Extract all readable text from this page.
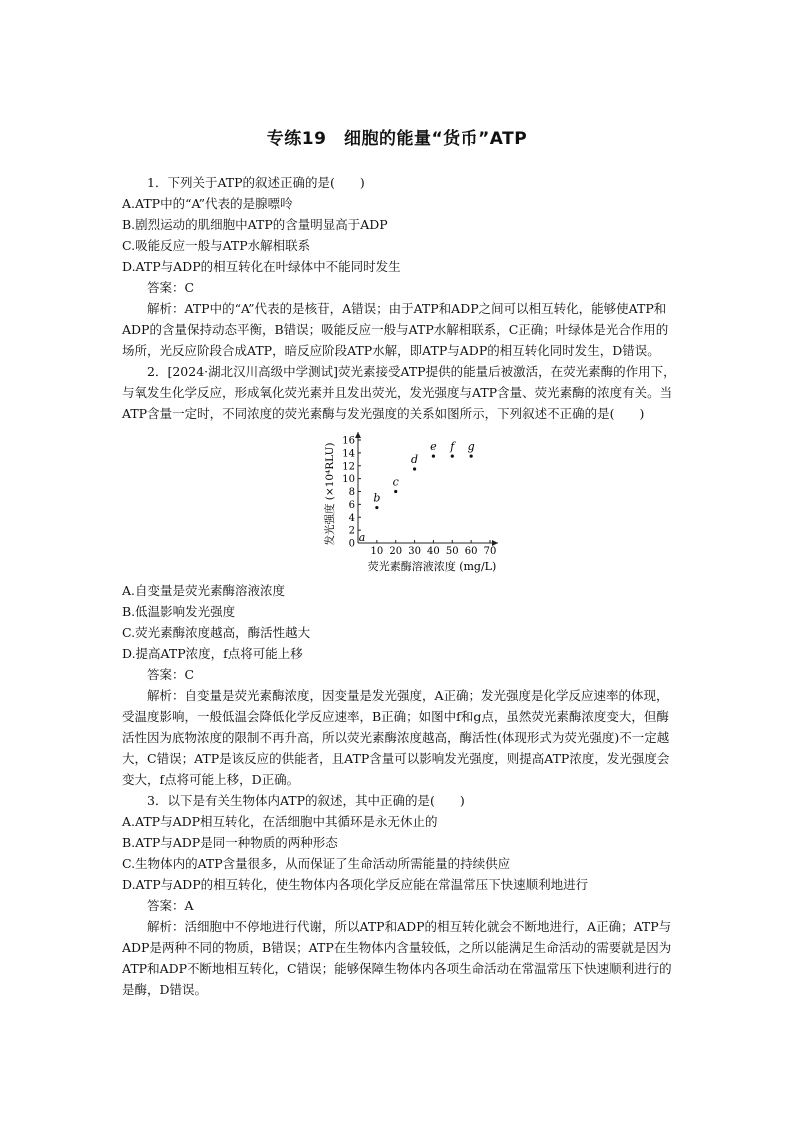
专练19　细胞的能量“货币”ATP

1．下列关于ATP的叙述正确的是(　　)

A.ATP中的“A”代表的是腺嘌呤

B.剧烈运动的肌细胞中ATP的含量明显高于ADP

C.吸能反应一般与ATP水解相联系

D.ATP与ADP的相互转化在叶绿体中不能同时发生

答案：C

解析：ATP中的“A”代表的是核苷，A错误；由于ATP和ADP之间可以相互转化，能够使ATP和ADP的含量保持动态平衡，B错误；吸能反应一般与ATP水解相联系，C正确；叶绿体是光合作用的场所，光反应阶段合成ATP，暗反应阶段ATP水解，即ATP与ADP的相互转化同时发生，D错误。

2．[2024·湖北汉川高级中学测试]荧光素接受ATP提供的能量后被激活，在荧光素酶的作用下，与氧发生化学反应，形成氧化荧光素并且发出荧光，发光强度与ATP含量、荧光素酶的浓度有关。当ATP含量一定时，不同浓度的荧光素酶与发光强度的关系如图所示，下列叙述不正确的是(　　)

10 20 30 40 50 60 70
0
2
4
6
8
10
12
14
16
a
b
c
d
e f g
发光强度 (×10⁴RLU)
荧光素酶溶液浓度 (mg/L)

A.自变量是荧光素酶溶液浓度

B.低温影响发光强度

C.荧光素酶浓度越高，酶活性越大

D.提高ATP浓度，f点将可能上移

答案：C

解析：自变量是荧光素酶浓度，因变量是发光强度，A正确；发光强度是化学反应速率的体现，受温度影响，一般低温会降低化学反应速率，B正确；如图中f和g点，虽然荧光素酶浓度变大，但酶活性因为底物浓度的限制不再升高，所以荧光素酶浓度越高，酶活性(体现形式为荧光强度)不一定越大，C错误；ATP是该反应的供能者，且ATP含量可以影响发光强度，则提高ATP浓度，发光强度会变大，f点将可能上移，D正确。

3．以下是有关生物体内ATP的叙述，其中正确的是(　　)

A.ATP与ADP相互转化，在活细胞中其循环是永无休止的

B.ATP与ADP是同一种物质的两种形态

C.生物体内的ATP含量很多，从而保证了生命活动所需能量的持续供应

D.ATP与ADP的相互转化，使生物体内各项化学反应能在常温常压下快速顺利地进行

答案：A

解析：活细胞中不停地进行代谢，所以ATP和ADP的相互转化就会不断地进行，A正确；ATP与ADP是两种不同的物质，B错误；ATP在生物体内含量较低，之所以能满足生命活动的需要就是因为ATP和ADP不断地相互转化，C错误；能够保障生物体内各项生命活动在常温常压下快速顺利进行的是酶，D错误。
